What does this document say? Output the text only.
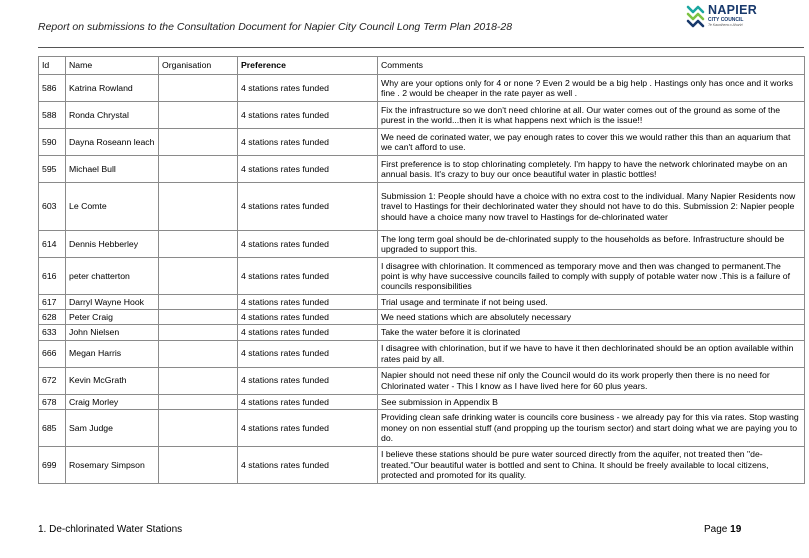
Report on submissions to the Consultation Document for Napier City Council Long Term Plan 2018-28
NAPIER
CITY COUNCIL
Te Kaunihera o Ahuriri
Id	Name	Organisation	Preference	Comments
586	Katrina Rowland		4 stations rates funded	Why are your options only for 4 or none ? Even 2 would be a big help . Hastings only has once and it works fine . 2 would be cheaper in the rate payer as well .
588	Ronda Chrystal		4 stations rates funded	Fix the infrastructure so we don't need chlorine at all. Our water comes out of the ground as some of the purest in the world...then it is what happens next which is the issue!!
590	Dayna Roseann leach		4 stations rates funded	We need de corinated water, we pay enough rates to cover this we would rather this than an aquarium that we can't afford to use.
595	Michael Bull		4 stations rates funded	First preference is to stop chlorinating completely. I'm happy to have the network chlorinated maybe on an annual basis. It's crazy to buy our once beautiful water in plastic bottles!
603	Le Comte		4 stations rates funded	Submission 1: People should have a choice with no extra cost to the individual. Many Napier Residents now travel to Hastings for their dechlorinated water they should not have to do this. Submission 2: Napier people should have a choice many now travel to Hastings for de-chlorinated water
614	Dennis Hebberley		4 stations rates funded	The long term goal should be de-chlorinated supply to the households as before. Infrastructure should be upgraded to support this.
616	peter chatterton		4 stations rates funded	I disagree with chlorination. It commenced as temporary move and then was changed to permanent.The point is why have successive councils failed to comply with supply of potable water now .This is a failure of councils responsibilities
617	Darryl Wayne Hook		4 stations rates funded	Trial usage and terminate if not being used.
628	Peter Craig		4 stations rates funded	We need stations which are absolutely necessary
633	John Nielsen		4 stations rates funded	Take the water before it is clorinated
666	Megan Harris		4 stations rates funded	I disagree with chlorination, but if we have to have it then dechlorinated should be an option available within rates paid by all.
672	Kevin McGrath		4 stations rates funded	Napier should not need these nif only the Council would do its work properly then there is no need for Chlorinated water - This I know as I have lived here for 60 plus years.
678	Craig Morley		4 stations rates funded	See submission in Appendix B
685	Sam Judge		4 stations rates funded	Providing clean safe drinking water is councils core business - we already pay for this via rates. Stop wasting money on non essential stuff (and propping up the tourism sector) and start doing what we are paying you to do.
699	Rosemary Simpson		4 stations rates funded	I believe these stations should be pure water sourced directly from the aquifer, not treated then "de-treated."Our beautiful water is bottled and sent to China. It should be freely available to local citizens, protected and promoted for its quality.
1. De-chlorinated Water Stations	Page 19
